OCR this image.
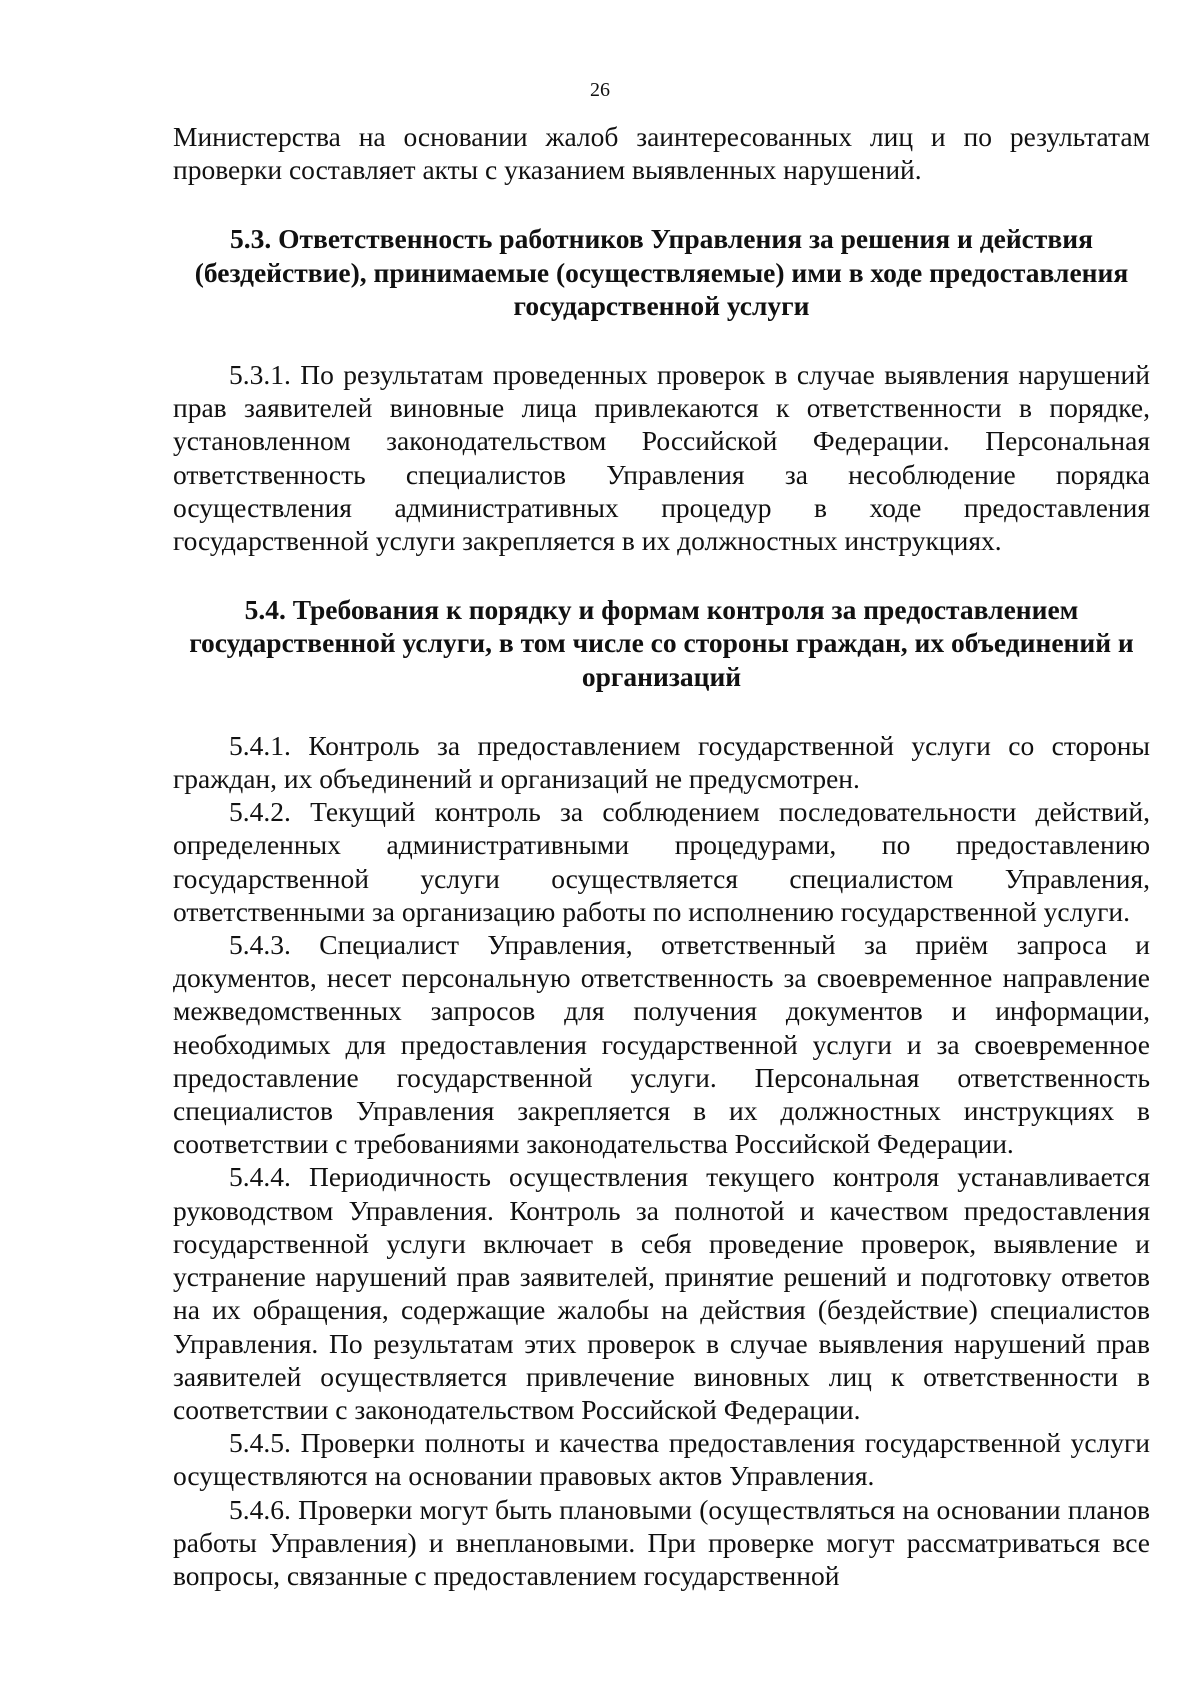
26

Министерства на основании жалоб заинтересованных лиц и по результатам проверки составляет акты с указанием выявленных нарушений.

5.3. Ответственность работников Управления за решения и действия (бездействие), принимаемые (осуществляемые) ими в ходе предоставления государственной услуги

5.3.1. По результатам проведенных проверок в случае выявления нарушений прав заявителей виновные лица привлекаются к ответственности в порядке, установленном законодательством Российской Федерации. Персональная ответственность специалистов Управления за несоблюдение порядка осуществления административных процедур в ходе предоставления государственной услуги закрепляется в их должностных инструкциях.

5.4. Требования к порядку и формам контроля за предоставлением государственной услуги, в том числе со стороны граждан, их объединений и организаций

5.4.1. Контроль за предоставлением государственной услуги со стороны граждан, их объединений и организаций не предусмотрен.

5.4.2. Текущий контроль за соблюдением последовательности действий, определенных административными процедурами, по предоставлению государственной услуги осуществляется специалистом Управления, ответственными за организацию работы по исполнению государственной услуги.

5.4.3. Специалист Управления, ответственный за приём запроса и документов, несет персональную ответственность за своевременное направление межведомственных запросов для получения документов и информации, необходимых для предоставления государственной услуги и за своевременное предоставление государственной услуги. Персональная ответственность специалистов Управления закрепляется в их должностных инструкциях в соответствии с требованиями законодательства Российской Федерации.

5.4.4. Периодичность осуществления текущего контроля устанавливается руководством Управления. Контроль за полнотой и качеством предоставления государственной услуги включает в себя проведение проверок, выявление и устранение нарушений прав заявителей, принятие решений и подготовку ответов на их обращения, содержащие жалобы на действия (бездействие) специалистов Управления. По результатам этих проверок в случае выявления нарушений прав заявителей осуществляется привлечение виновных лиц к ответственности в соответствии с законодательством Российской Федерации.

5.4.5. Проверки полноты и качества предоставления государственной услуги осуществляются на основании правовых актов Управления.

5.4.6. Проверки могут быть плановыми (осуществляться на основании планов работы Управления) и внеплановыми. При проверке могут рассматриваться все вопросы, связанные с предоставлением государственной
